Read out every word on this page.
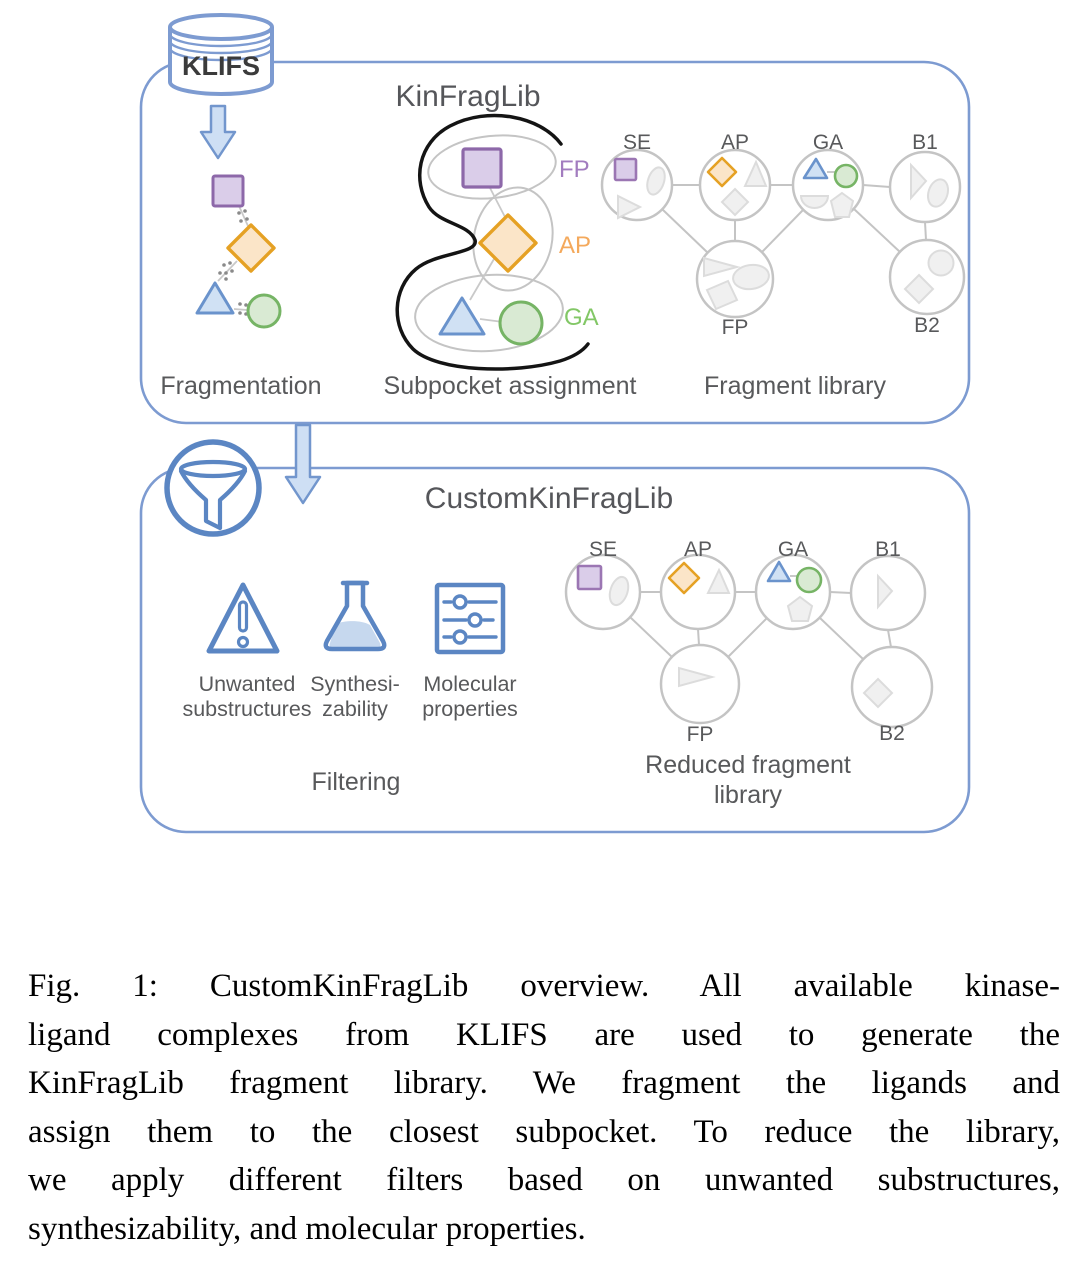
KinFragLib
KLIFS
FP
AP
GA
SE	AP	GA	B1
FP	B2
Fragmentation Subpocket assignment	Fragment library
CustomKinFragLib
Unwanted
substructures
Synthesi-
zability
Molecular
properties
Filtering
SE	AP	GA	B1
FP	B2
Reduced fragment
library
Fig. 1: CustomKinFragLib overview. All available kinase-
ligand complexes from KLIFS are used to generate the
KinFragLib fragment library. We fragment the ligands and
assign them to the closest subpocket. To reduce the library,
we apply different filters based on unwanted substructures,
synthesizability, and molecular properties.
